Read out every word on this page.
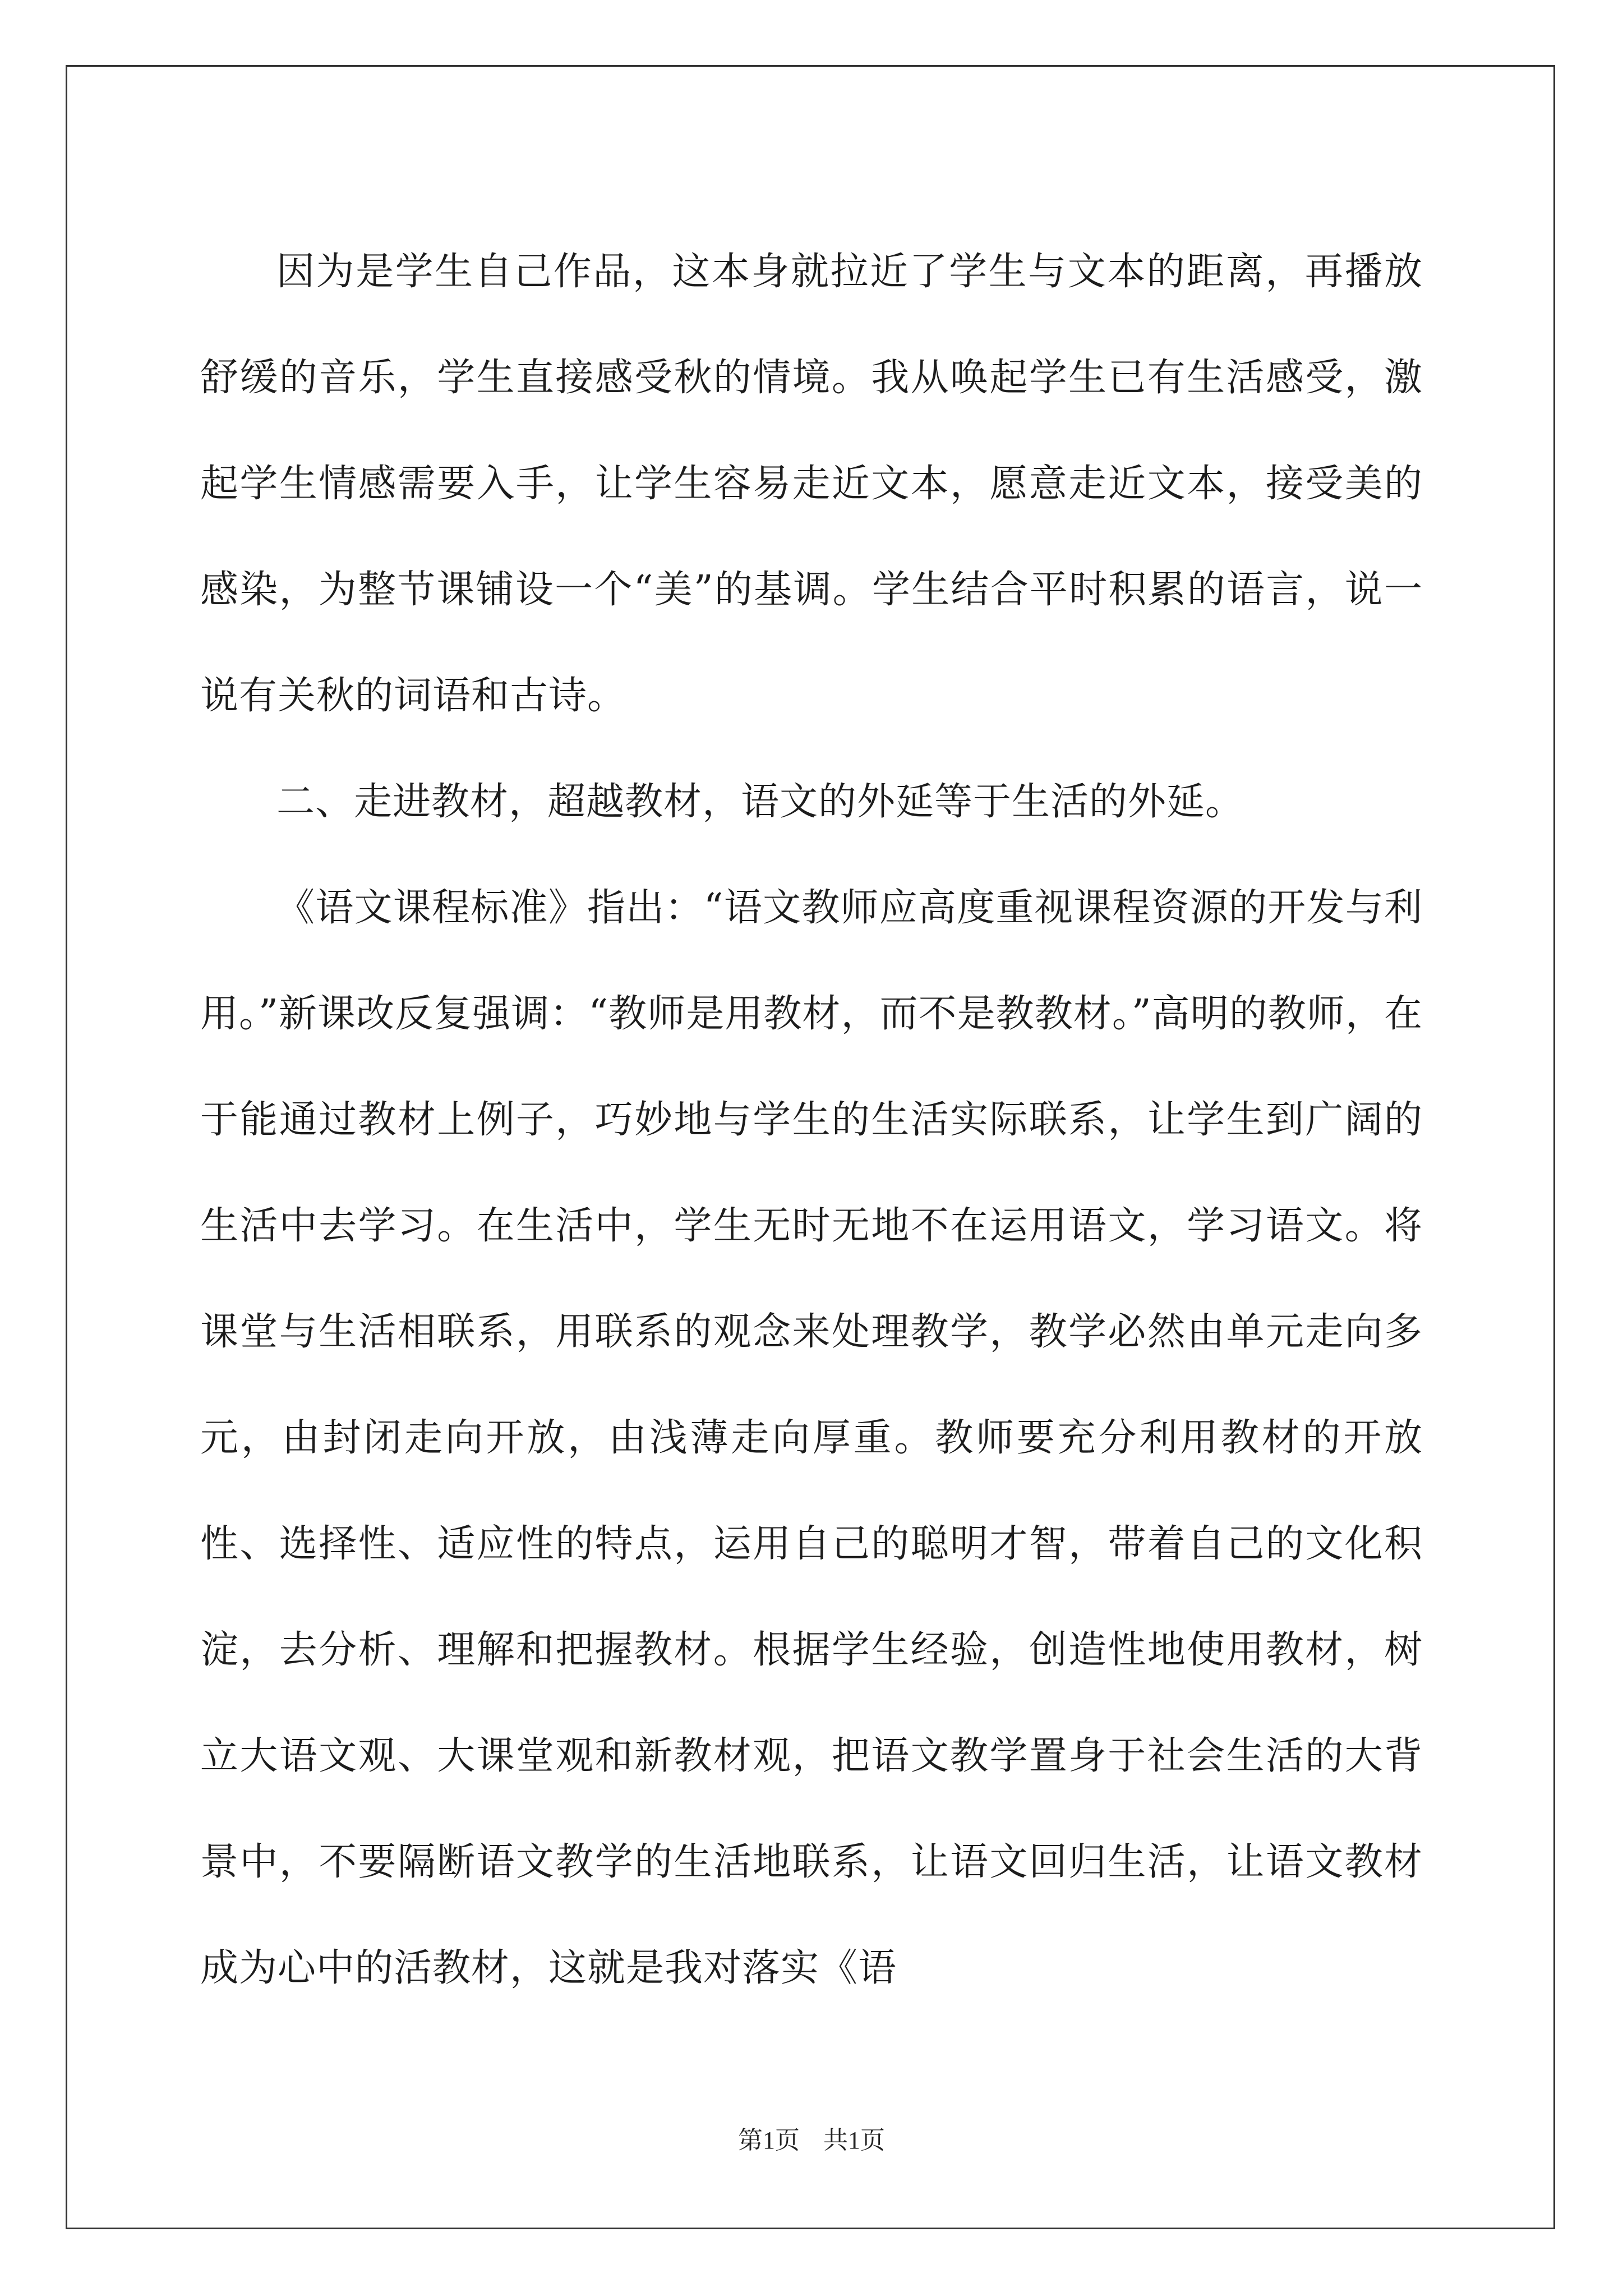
因为是学生自己作品，这本身就拉近了学生与文本的距离，再播放舒缓的音乐，学生直接感受秋的情境。我从唤起学生已有生活感受，激起学生情感需要入手，让学生容易走近文本，愿意走近文本，接受美的感染，为整节课铺设一个“美”的基调。学生结合平时积累的语言，说一说有关秋的词语和古诗。

二、走进教材，超越教材，语文的外延等于生活的外延。

《语文课程标准》指出：“语文教师应高度重视课程资源的开发与利用。”新课改反复强调：“教师是用教材，而不是教教材。”高明的教师，在于能通过教材上例子，巧妙地与学生的生活实际联系，让学生到广阔的生活中去学习。在生活中，学生无时无地不在运用语文，学习语文。将课堂与生活相联系，用联系的观念来处理教学，教学必然由单元走向多元，由封闭走向开放，由浅薄走向厚重。教师要充分利用教材的开放性、选择性、适应性的特点，运用自己的聪明才智，带着自己的文化积淀，去分析、理解和把握教材。根据学生经验，创造性地使用教材，树立大语文观、大课堂观和新教材观，把语文教学置身于社会生活的大背景中，不要隔断语文教学的生活地联系，让语文回归生活，让语文教材成为心中的活教材，这就是我对落实《语

第1页 共1页
